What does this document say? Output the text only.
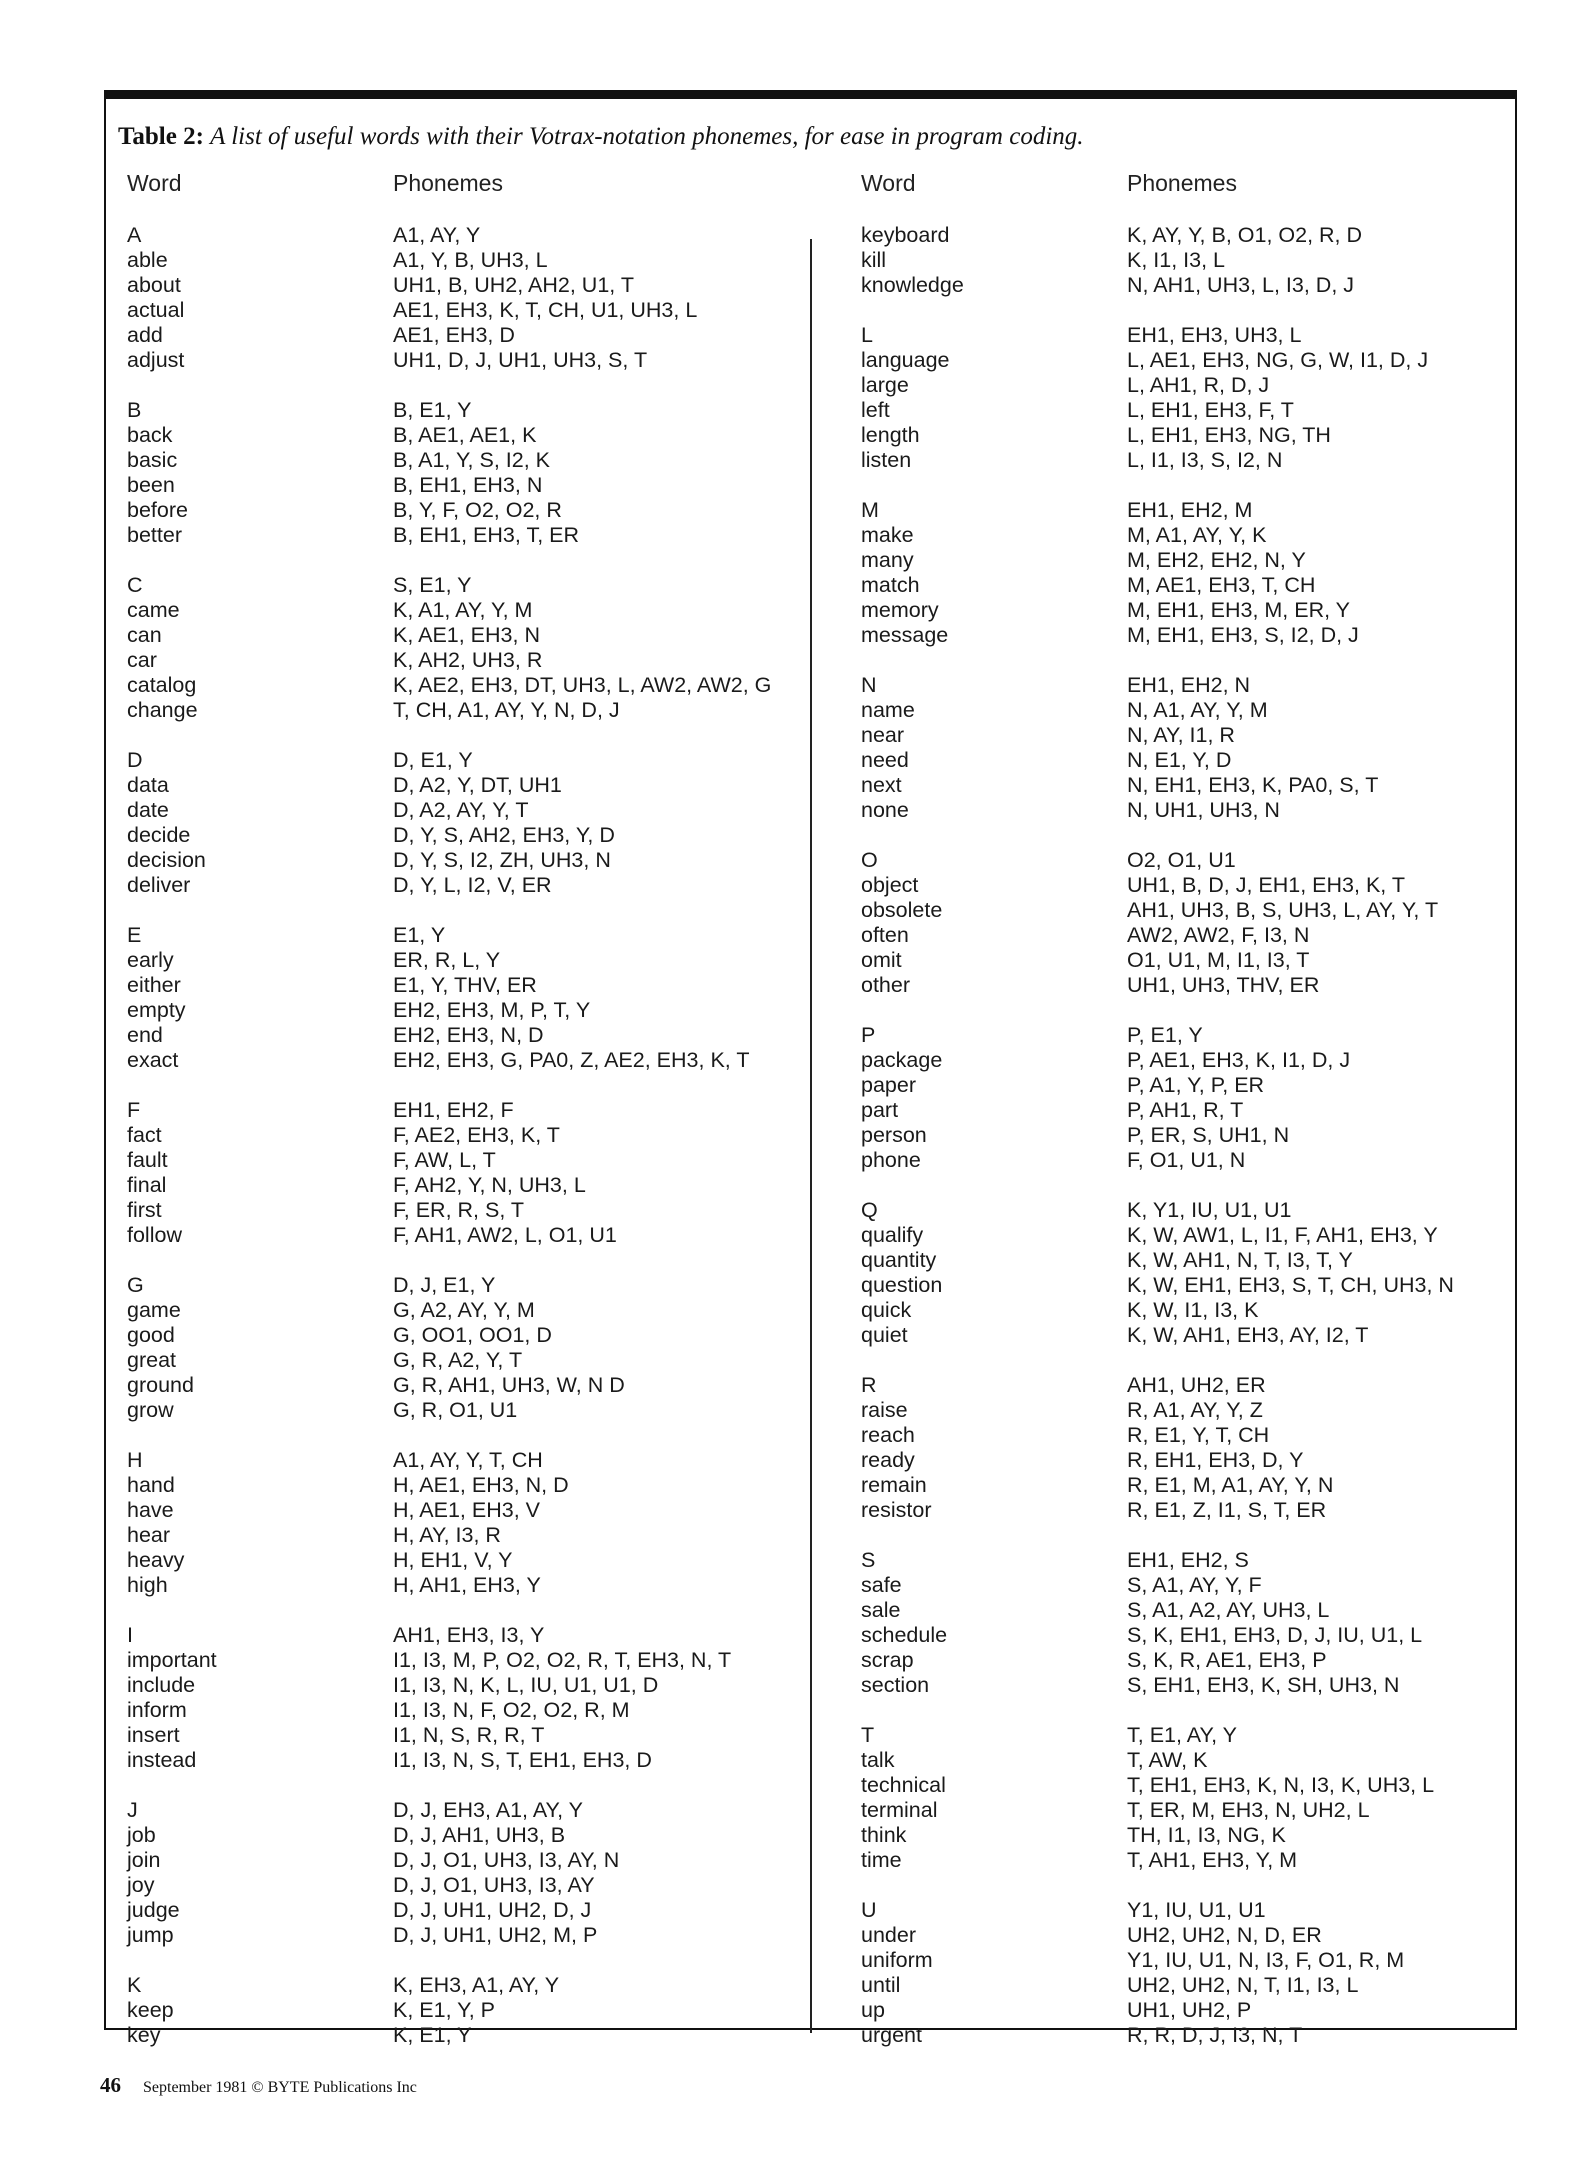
Table 2: A list of useful words with their Votrax-notation phonemes, for ease in program coding.
Word	Phonemes	Word	Phonemes
A	A1, AY, Y
able	A1, Y, B, UH3, L
about	UH1, B, UH2, AH2, U1, T
actual	AE1, EH3, K, T, CH, U1, UH3, L
add	AE1, EH3, D
adjust	UH1, D, J, UH1, UH3, S, T
B	B, E1, Y
back	B, AE1, AE1, K
basic	B, A1, Y, S, I2, K
been	B, EH1, EH3, N
before	B, Y, F, O2, O2, R
better	B, EH1, EH3, T, ER
C	S, E1, Y
came	K, A1, AY, Y, M
can	K, AE1, EH3, N
car	K, AH2, UH3, R
catalog	K, AE2, EH3, DT, UH3, L, AW2, AW2, G
change	T, CH, A1, AY, Y, N, D, J
D	D, E1, Y
data	D, A2, Y, DT, UH1
date	D, A2, AY, Y, T
decide	D, Y, S, AH2, EH3, Y, D
decision	D, Y, S, I2, ZH, UH3, N
deliver	D, Y, L, I2, V, ER
E	E1, Y
early	ER, R, L, Y
either	E1, Y, THV, ER
empty	EH2, EH3, M, P, T, Y
end	EH2, EH3, N, D
exact	EH2, EH3, G, PA0, Z, AE2, EH3, K, T
F	EH1, EH2, F
fact	F, AE2, EH3, K, T
fault	F, AW, L, T
final	F, AH2, Y, N, UH3, L
first	F, ER, R, S, T
follow	F, AH1, AW2, L, O1, U1
G	D, J, E1, Y
game	G, A2, AY, Y, M
good	G, OO1, OO1, D
great	G, R, A2, Y, T
ground	G, R, AH1, UH3, W, N D
grow	G, R, O1, U1
H	A1, AY, Y, T, CH
hand	H, AE1, EH3, N, D
have	H, AE1, EH3, V
hear	H, AY, I3, R
heavy	H, EH1, V, Y
high	H, AH1, EH3, Y
I	AH1, EH3, I3, Y
important	I1, I3, M, P, O2, O2, R, T, EH3, N, T
include	I1, I3, N, K, L, IU, U1, U1, D
inform	I1, I3, N, F, O2, O2, R, M
insert	I1, N, S, R, R, T
instead	I1, I3, N, S, T, EH1, EH3, D
J	D, J, EH3, A1, AY, Y
job	D, J, AH1, UH3, B
join	D, J, O1, UH3, I3, AY, N
joy	D, J, O1, UH3, I3, AY
judge	D, J, UH1, UH2, D, J
jump	D, J, UH1, UH2, M, P
K	K, EH3, A1, AY, Y
keep	K, E1, Y, P
key	K, E1, Y
keyboard	K, AY, Y, B, O1, O2, R, D
kill	K, I1, I3, L
knowledge	N, AH1, UH3, L, I3, D, J
L	EH1, EH3, UH3, L
language	L, AE1, EH3, NG, G, W, I1, D, J
large	L, AH1, R, D, J
left	L, EH1, EH3, F, T
length	L, EH1, EH3, NG, TH
listen	L, I1, I3, S, I2, N
M	EH1, EH2, M
make	M, A1, AY, Y, K
many	M, EH2, EH2, N, Y
match	M, AE1, EH3, T, CH
memory	M, EH1, EH3, M, ER, Y
message	M, EH1, EH3, S, I2, D, J
N	EH1, EH2, N
name	N, A1, AY, Y, M
near	N, AY, I1, R
need	N, E1, Y, D
next	N, EH1, EH3, K, PA0, S, T
none	N, UH1, UH3, N
O	O2, O1, U1
object	UH1, B, D, J, EH1, EH3, K, T
obsolete	AH1, UH3, B, S, UH3, L, AY, Y, T
often	AW2, AW2, F, I3, N
omit	O1, U1, M, I1, I3, T
other	UH1, UH3, THV, ER
P	P, E1, Y
package	P, AE1, EH3, K, I1, D, J
paper	P, A1, Y, P, ER
part	P, AH1, R, T
person	P, ER, S, UH1, N
phone	F, O1, U1, N
Q	K, Y1, IU, U1, U1
qualify	K, W, AW1, L, I1, F, AH1, EH3, Y
quantity	K, W, AH1, N, T, I3, T, Y
question	K, W, EH1, EH3, S, T, CH, UH3, N
quick	K, W, I1, I3, K
quiet	K, W, AH1, EH3, AY, I2, T
R	AH1, UH2, ER
raise	R, A1, AY, Y, Z
reach	R, E1, Y, T, CH
ready	R, EH1, EH3, D, Y
remain	R, E1, M, A1, AY, Y, N
resistor	R, E1, Z, I1, S, T, ER
S	EH1, EH2, S
safe	S, A1, AY, Y, F
sale	S, A1, A2, AY, UH3, L
schedule	S, K, EH1, EH3, D, J, IU, U1, L
scrap	S, K, R, AE1, EH3, P
section	S, EH1, EH3, K, SH, UH3, N
T	T, E1, AY, Y
talk	T, AW, K
technical	T, EH1, EH3, K, N, I3, K, UH3, L
terminal	T, ER, M, EH3, N, UH2, L
think	TH, I1, I3, NG, K
time	T, AH1, EH3, Y, M
U	Y1, IU, U1, U1
under	UH2, UH2, N, D, ER
uniform	Y1, IU, U1, N, I3, F, O1, R, M
until	UH2, UH2, N, T, I1, I3, L
up	UH1, UH2, P
urgent	R, R, D, J, I3, N, T
46 September 1981 © BYTE Publications Inc
